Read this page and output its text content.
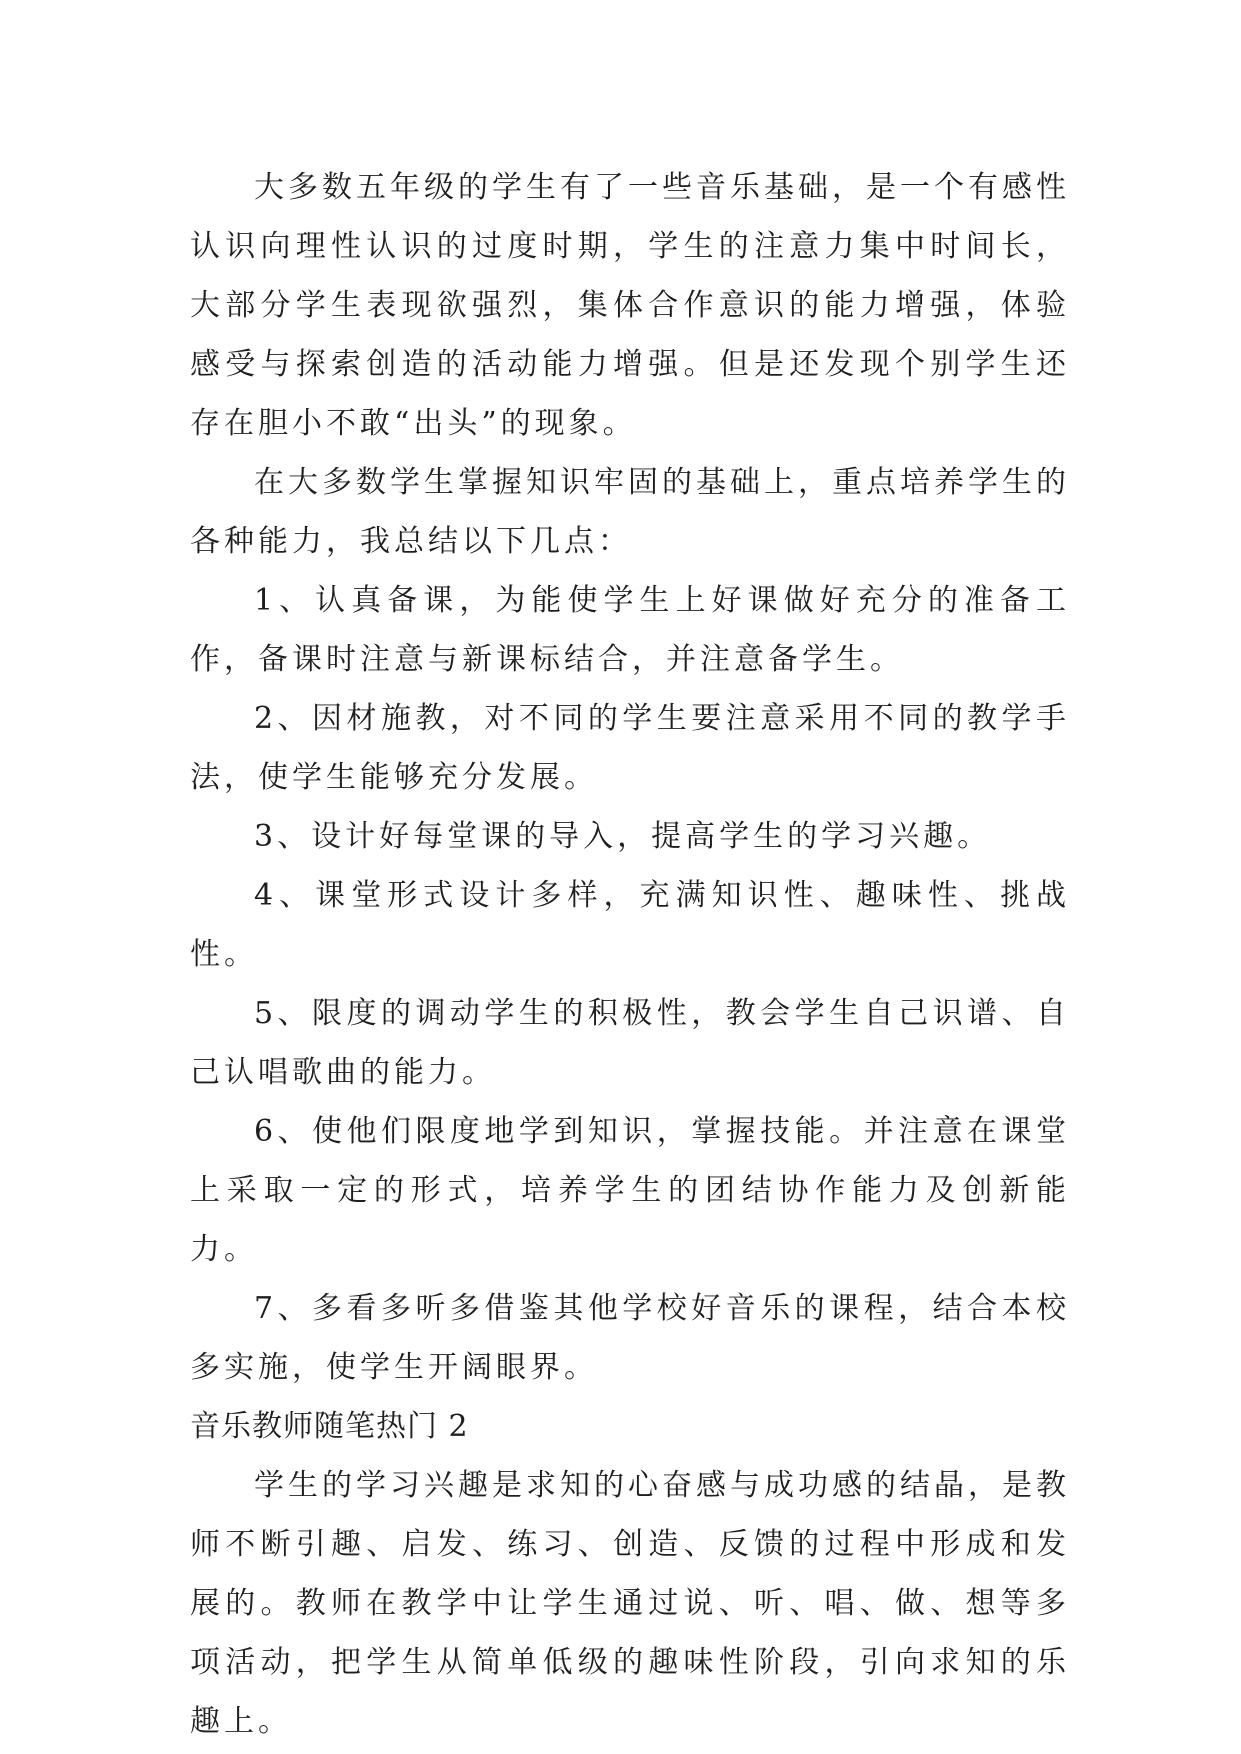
大多数五年级的学生有了一些音乐基础，是一个有感性认识向理性认识的过度时期，学生的注意力集中时间长，大部分学生表现欲强烈，集体合作意识的能力增强，体验感受与探索创造的活动能力增强。但是还发现个别学生还存在胆小不敢“出头”的现象。

在大多数学生掌握知识牢固的基础上，重点培养学生的各种能力，我总结以下几点：

1、认真备课，为能使学生上好课做好充分的准备工作，备课时注意与新课标结合，并注意备学生。

2、因材施教，对不同的学生要注意采用不同的教学手法，使学生能够充分发展。

3、设计好每堂课的导入，提高学生的学习兴趣。

4、课堂形式设计多样，充满知识性、趣味性、挑战性。

5、限度的调动学生的积极性，教会学生自己识谱、自己认唱歌曲的能力。

6、使他们限度地学到知识，掌握技能。并注意在课堂上采取一定的形式，培养学生的团结协作能力及创新能力。

7、多看多听多借鉴其他学校好音乐的课程，结合本校多实施，使学生开阔眼界。

音乐教师随笔热门 2

学生的学习兴趣是求知的心奋感与成功感的结晶，是教师不断引趣、启发、练习、创造、反馈的过程中形成和发展的。教师在教学中让学生通过说、听、唱、做、想等多项活动，把学生从简单低级的趣味性阶段，引向求知的乐趣上。
